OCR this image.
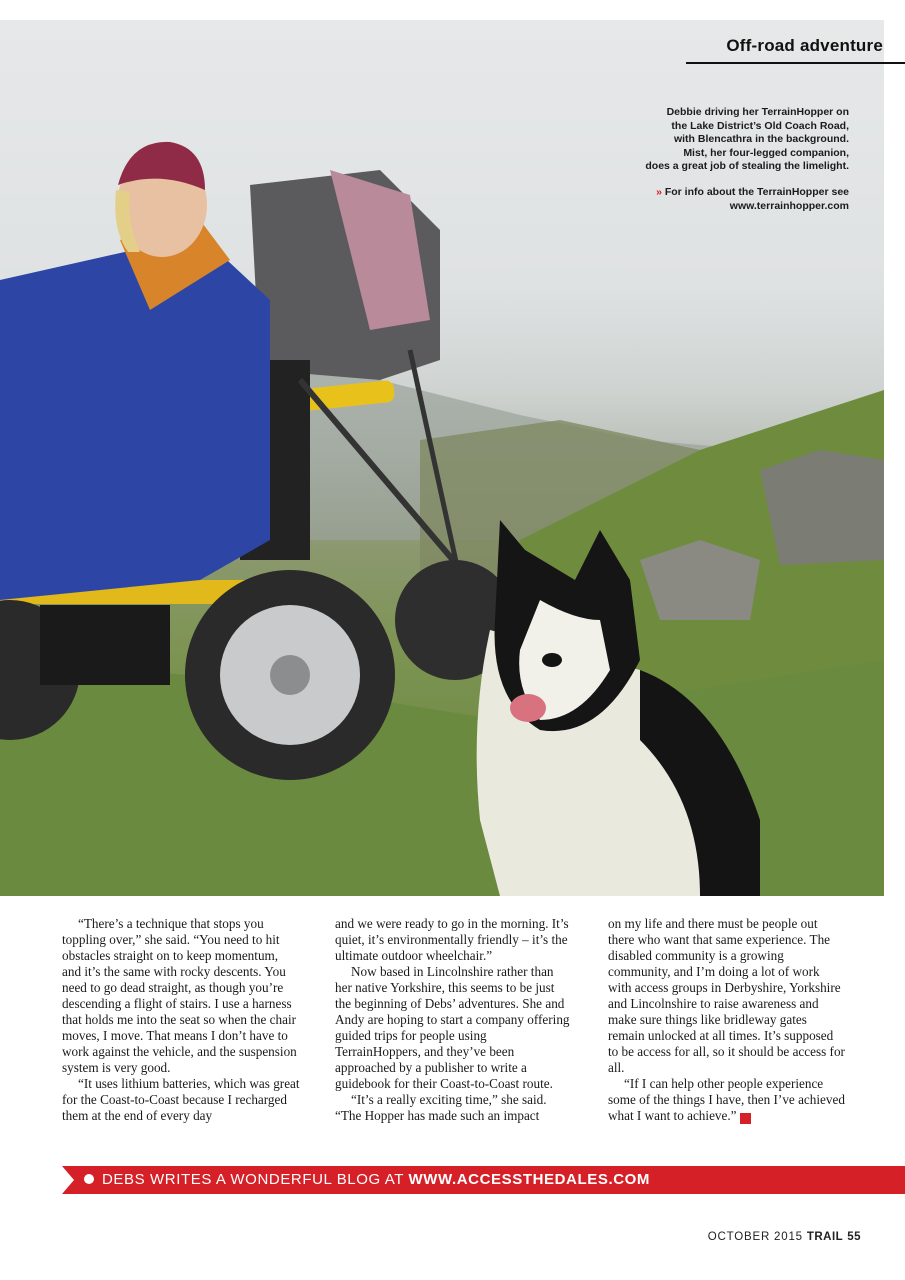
Off-road adventure
Debbie driving her TerrainHopper on
the Lake District’s Old Coach Road,
with Blencathra in the background.
Mist, her four-legged companion,
does a great job of stealing the limelight.
» For info about the TerrainHopper see
www.terrainhopper.com

“There’s a technique that stops you toppling over,” she said. “You need to hit obstacles straight on to keep momentum, and it’s the same with rocky descents. You need to go dead straight, as though you’re descending a flight of stairs. I use a harness that holds me into the seat so when the chair moves, I move. That means I don’t have to work against the vehicle, and the suspension system is very good.

“It uses lithium batteries, which was great for the Coast-to-Coast because I recharged them at the end of every day

and we were ready to go in the morning. It’s quiet, it’s environmentally friendly – it’s the ultimate outdoor wheelchair.”

Now based in Lincolnshire rather than her native Yorkshire, this seems to be just the beginning of Debs’ adventures. She and Andy are hoping to start a company offering guided trips for people using TerrainHoppers, and they’ve been approached by a publisher to write a guidebook for their Coast-to-Coast route.

“It’s a really exciting time,” she said. “The Hopper has made such an impact

on my life and there must be people out there who want that same experience. The disabled community is a growing community, and I’m doing a lot of work with access groups in Derbyshire, Yorkshire and Lincolnshire to raise awareness and make sure things like bridleway gates remain unlocked at all times. It’s supposed to be access for all, so it should be access for all.

“If I can help other people experience some of the things I have, then I’ve achieved what I want to achieve.” T

DEBS WRITES A WONDERFUL BLOG AT WWW.ACCESSTHEDALES.COM
OCTOBER 2015 TRAIL 55
